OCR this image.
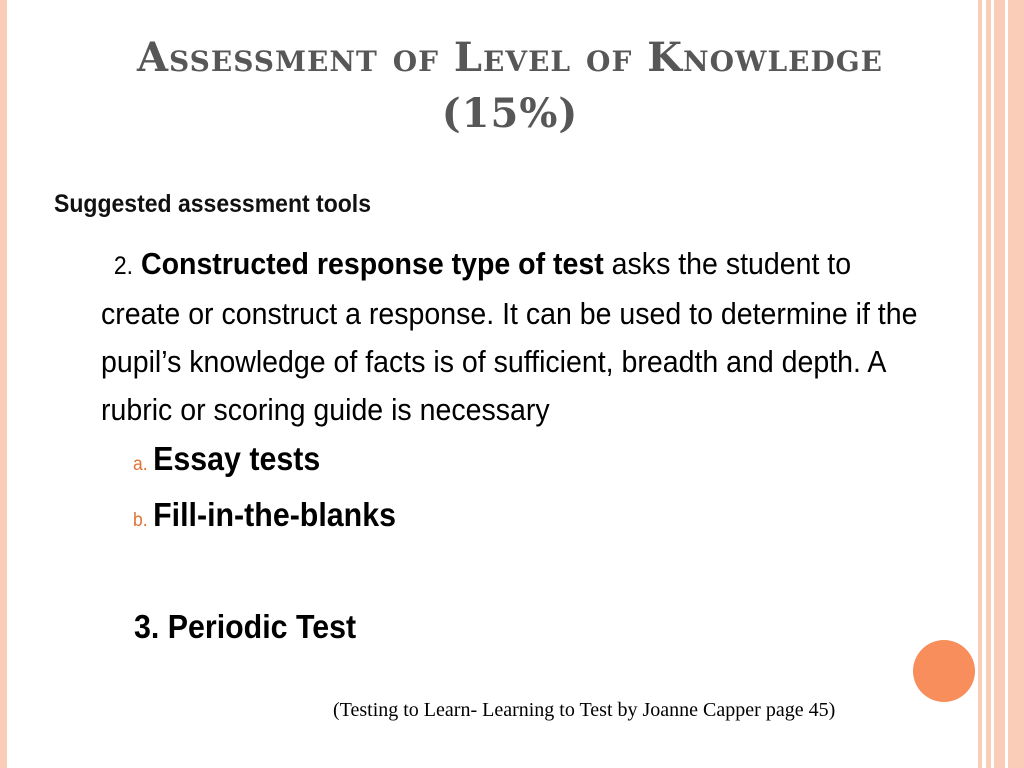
Assessment of Level of Knowledge
(15%)
Suggested assessment tools
2. Constructed response type of test asks the student to create or construct a response. It can be used to determine if the pupil’s knowledge of facts is of sufficient, breadth and depth. A rubric or scoring guide is necessary
a. Essay tests
b. Fill-in-the-blanks
3. Periodic Test
(Testing to Learn- Learning to Test by Joanne Capper page 45)
